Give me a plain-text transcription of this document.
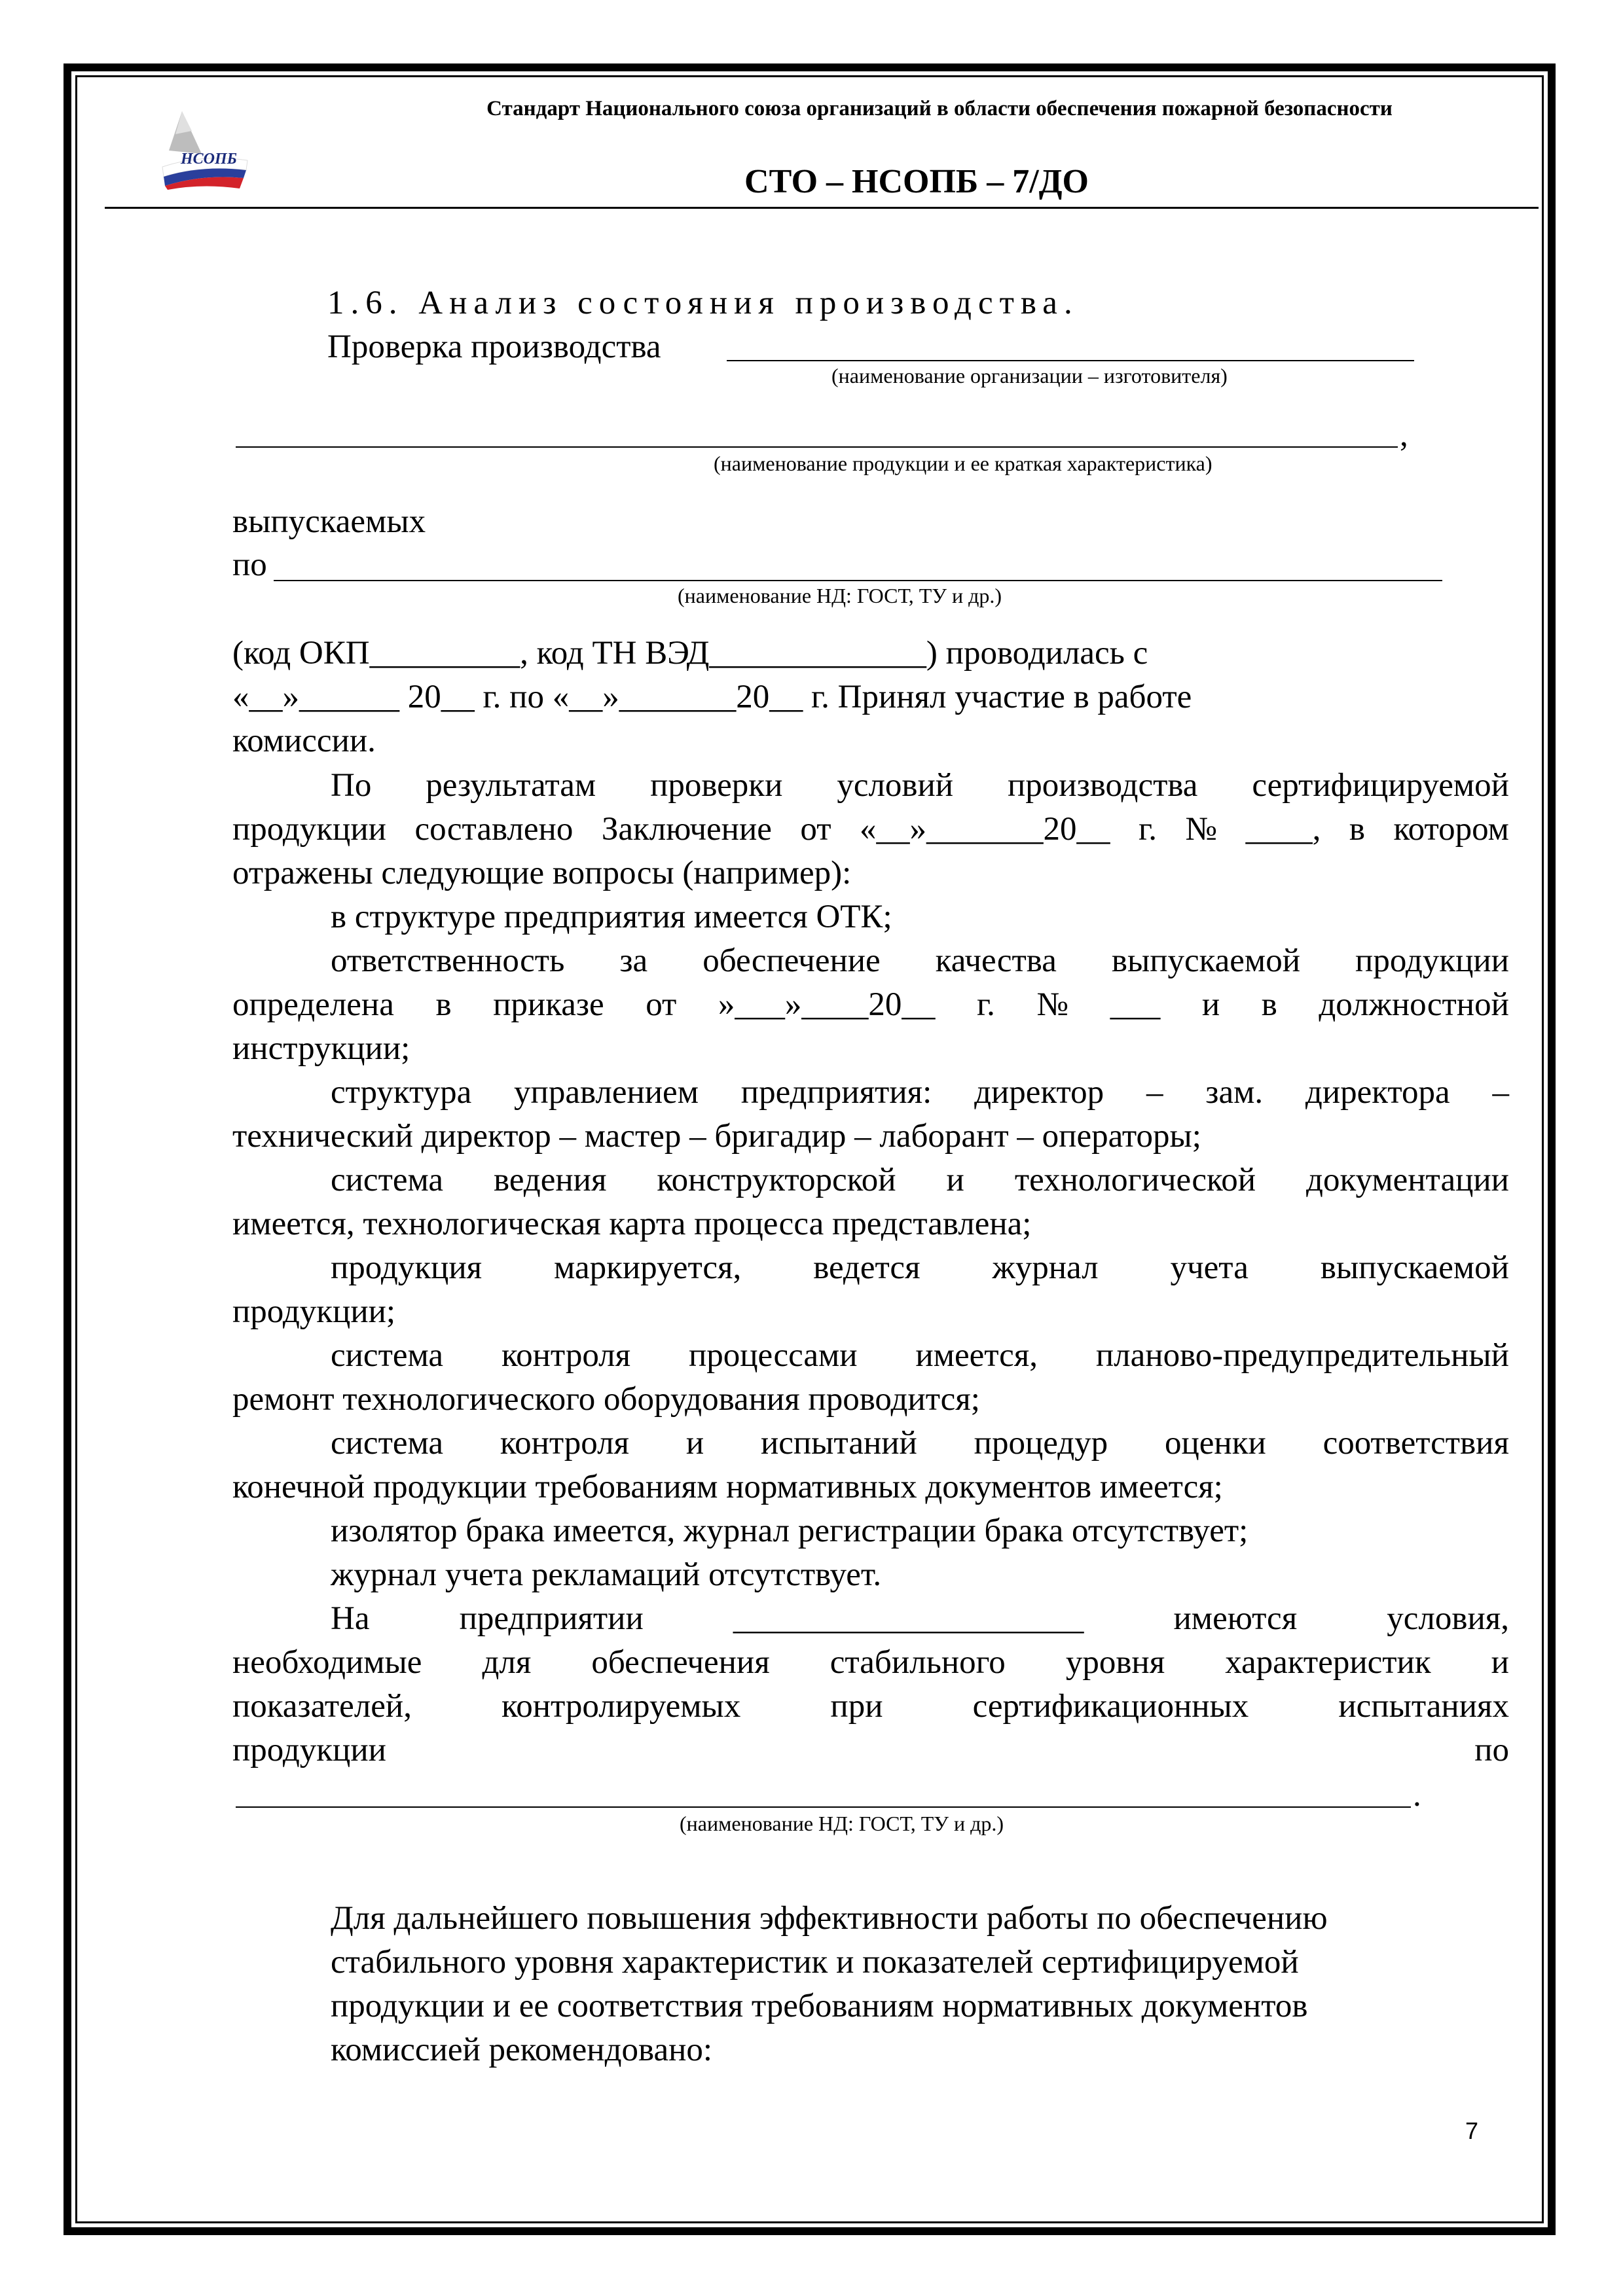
НСОПБ
Стандарт Национального союза организаций в области обеспечения пожарной безопасности
СТО – НСОПБ – 7/ДО
1.6. Анализ состояния производства.
Проверка производства
(наименование организации – изготовителя)
,
(наименование продукции и ее краткая характеристика)
выпускаемых
по
(наименование НД: ГОСТ, ТУ и др.)
(код ОКП_________, код ТН ВЭД_____________) проводилась с
«__»______ 20__ г. по «__»_______20__ г. Принял участие в работе
комиссии.
По результатам проверки условий производства сертифицируемой
продукции составлено Заключение от «__»_______20__ г. № ____, в котором
отражены следующие вопросы (например):
в структуре предприятия имеется ОТК;
ответственность за обеспечение качества выпускаемой продукции
определена в приказе от »___»____20__ г. № ___ и в должностной
инструкции;
структура управлением предприятия: директор – зам. директора –
технический директор – мастер – бригадир – лаборант – операторы;
система ведения конструкторской и технологической документации
имеется, технологическая карта процесса представлена;
продукция маркируется, ведется журнал учета выпускаемой
продукции;
система контроля процессами имеется, планово-предупредительный
ремонт технологического оборудования проводится;
система контроля и испытаний процедур оценки соответствия
конечной продукции требованиям нормативных документов имеется;
изолятор брака имеется, журнал регистрации брака отсутствует;
журнал учета рекламаций отсутствует.
На	предприятии	_____________________	имеются	условия,
необходимые для обеспечения стабильного уровня характеристик и
показателей,	контролируемых	при	сертификационных	испытаниях
продукции	по
.
(наименование НД: ГОСТ, ТУ и др.)
Для дальнейшего повышения эффективности работы по обеспечению
стабильного уровня характеристик и показателей сертифицируемой
продукции и ее соответствия требованиям нормативных документов
комиссией рекомендовано:
7
